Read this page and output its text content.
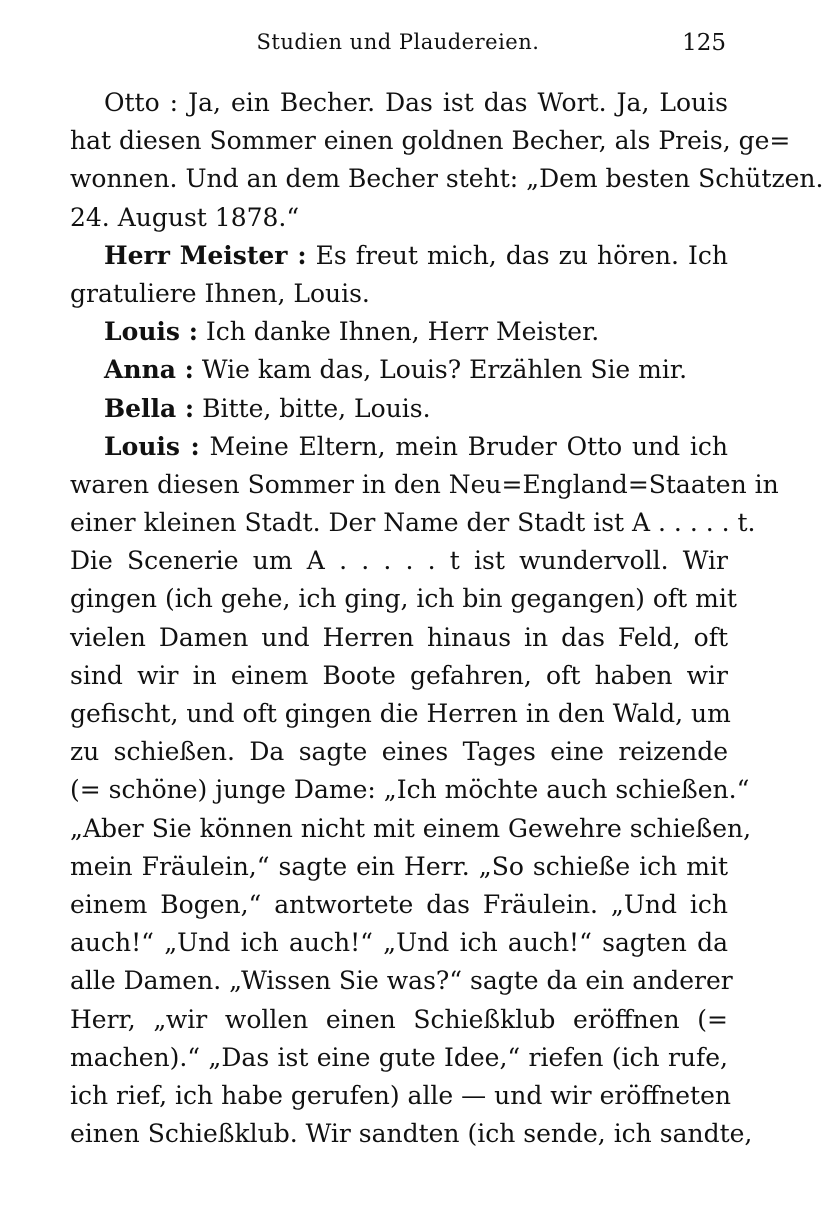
Studien und Plaudereien.	125
Otto : Ja, ein Becher. Das ist das Wort. Ja, Louis
hat diesen Sommer einen goldnen Becher, als Preis, ge=
wonnen. Und an dem Becher steht: „Dem besten Schützen.
24. August 1878.“
Herr Meister : Es freut mich, das zu hören. Ich
gratuliere Ihnen, Louis.
Louis : Ich danke Ihnen, Herr Meister.
Anna : Wie kam das, Louis? Erzählen Sie mir.
Bella : Bitte, bitte, Louis.
Louis : Meine Eltern, mein Bruder Otto und ich
waren diesen Sommer in den Neu=England=Staaten in
einer kleinen Stadt. Der Name der Stadt ist A . . . . . t.
Die Scenerie um A . . . . . t ist wundervoll. Wir
gingen (ich gehe, ich ging, ich bin gegangen) oft mit
vielen Damen und Herren hinaus in das Feld, oft
sind wir in einem Boote gefahren, oft haben wir
gefischt, und oft gingen die Herren in den Wald, um
zu schießen. Da sagte eines Tages eine reizende
(= schöne) junge Dame: „Ich möchte auch schießen.“
„Aber Sie können nicht mit einem Gewehre schießen,
mein Fräulein,“ sagte ein Herr. „So schieße ich mit
einem Bogen,“ antwortete das Fräulein. „Und ich
auch!“ „Und ich auch!“ „Und ich auch!“ sagten da
alle Damen. „Wissen Sie was?“ sagte da ein anderer
Herr, „wir wollen einen Schießklub eröffnen (=
machen).“ „Das ist eine gute Idee,“ riefen (ich rufe,
ich rief, ich habe gerufen) alle — und wir eröffneten
einen Schießklub. Wir sandten (ich sende, ich sandte,
